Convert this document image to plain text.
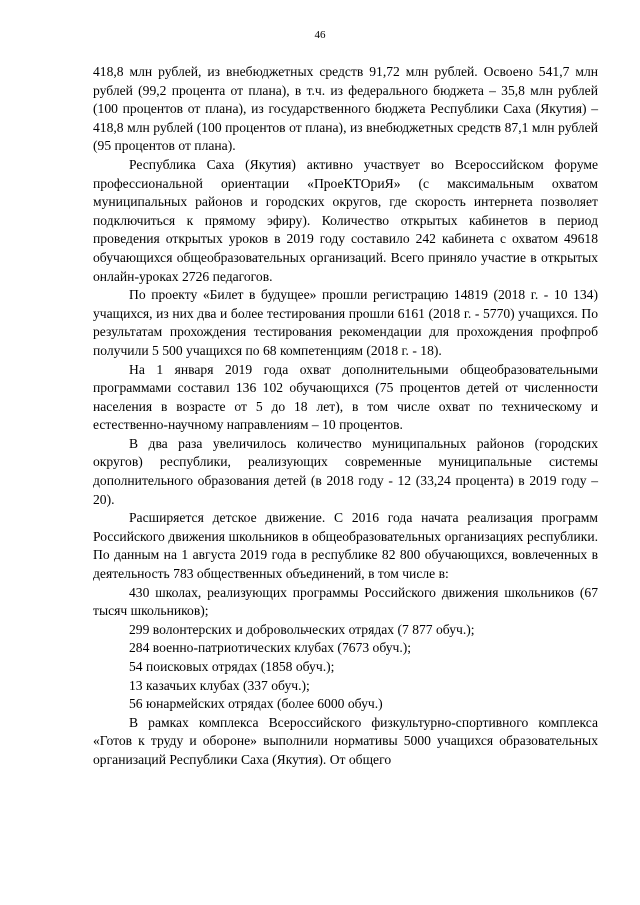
46

418,8 млн рублей, из внебюджетных средств 91,72 млн рублей. Освоено 541,7 млн рублей (99,2 процента от плана), в т.ч. из федерального бюджета – 35,8 млн рублей (100 процентов от плана), из государственного бюджета Республики Саха (Якутия) – 418,8 млн рублей (100 процентов от плана), из внебюджетных средств 87,1 млн рублей (95 процентов от плана).

Республика Саха (Якутия) активно участвует во Всероссийском форуме профессиональной ориентации «ПроеКТОриЯ» (с максимальным охватом муниципальных районов и городских округов, где скорость интернета позволяет подключиться к прямому эфиру). Количество открытых кабинетов в период проведения открытых уроков в 2019 году составило 242 кабинета с охватом 49618 обучающихся общеобразовательных организаций. Всего приняло участие в открытых онлайн-уроках 2726 педагогов.

По проекту «Билет в будущее» прошли регистрацию 14819 (2018 г. - 10 134) учащихся, из них два и более тестирования прошли 6161 (2018 г. - 5770) учащихся. По результатам прохождения тестирования рекомендации для прохождения профпроб получили 5 500 учащихся по 68 компетенциям (2018 г. - 18).

На 1 января 2019 года охват дополнительными общеобразовательными программами составил 136 102 обучающихся (75 процентов детей от численности населения в возрасте от 5 до 18 лет), в том числе охват по техническому и естественно-научному направлениям – 10 процентов.

В два раза увеличилось количество муниципальных районов (городских округов) республики, реализующих современные муниципальные системы дополнительного образования детей (в 2018 году - 12 (33,24 процента) в 2019 году – 20).

Расширяется детское движение. С 2016 года начата реализация программ Российского движения школьников в общеобразовательных организациях республики. По данным на 1 августа 2019 года в республике 82 800 обучающихся, вовлеченных в деятельность 783 общественных объединений, в том числе в:

430 школах, реализующих программы Российского движения школьников (67 тысяч школьников);

299 волонтерских и добровольческих отрядах (7 877 обуч.);

284 военно-патриотических клубах (7673 обуч.);

54 поисковых отрядах (1858 обуч.);

13 казачьих клубах (337 обуч.);

56 юнармейских отрядах (более 6000 обуч.)

В рамках комплекса Всероссийского физкультурно-спортивного комплекса «Готов к труду и обороне» выполнили нормативы 5000 учащихся образовательных организаций Республики Саха (Якутия). От общего
